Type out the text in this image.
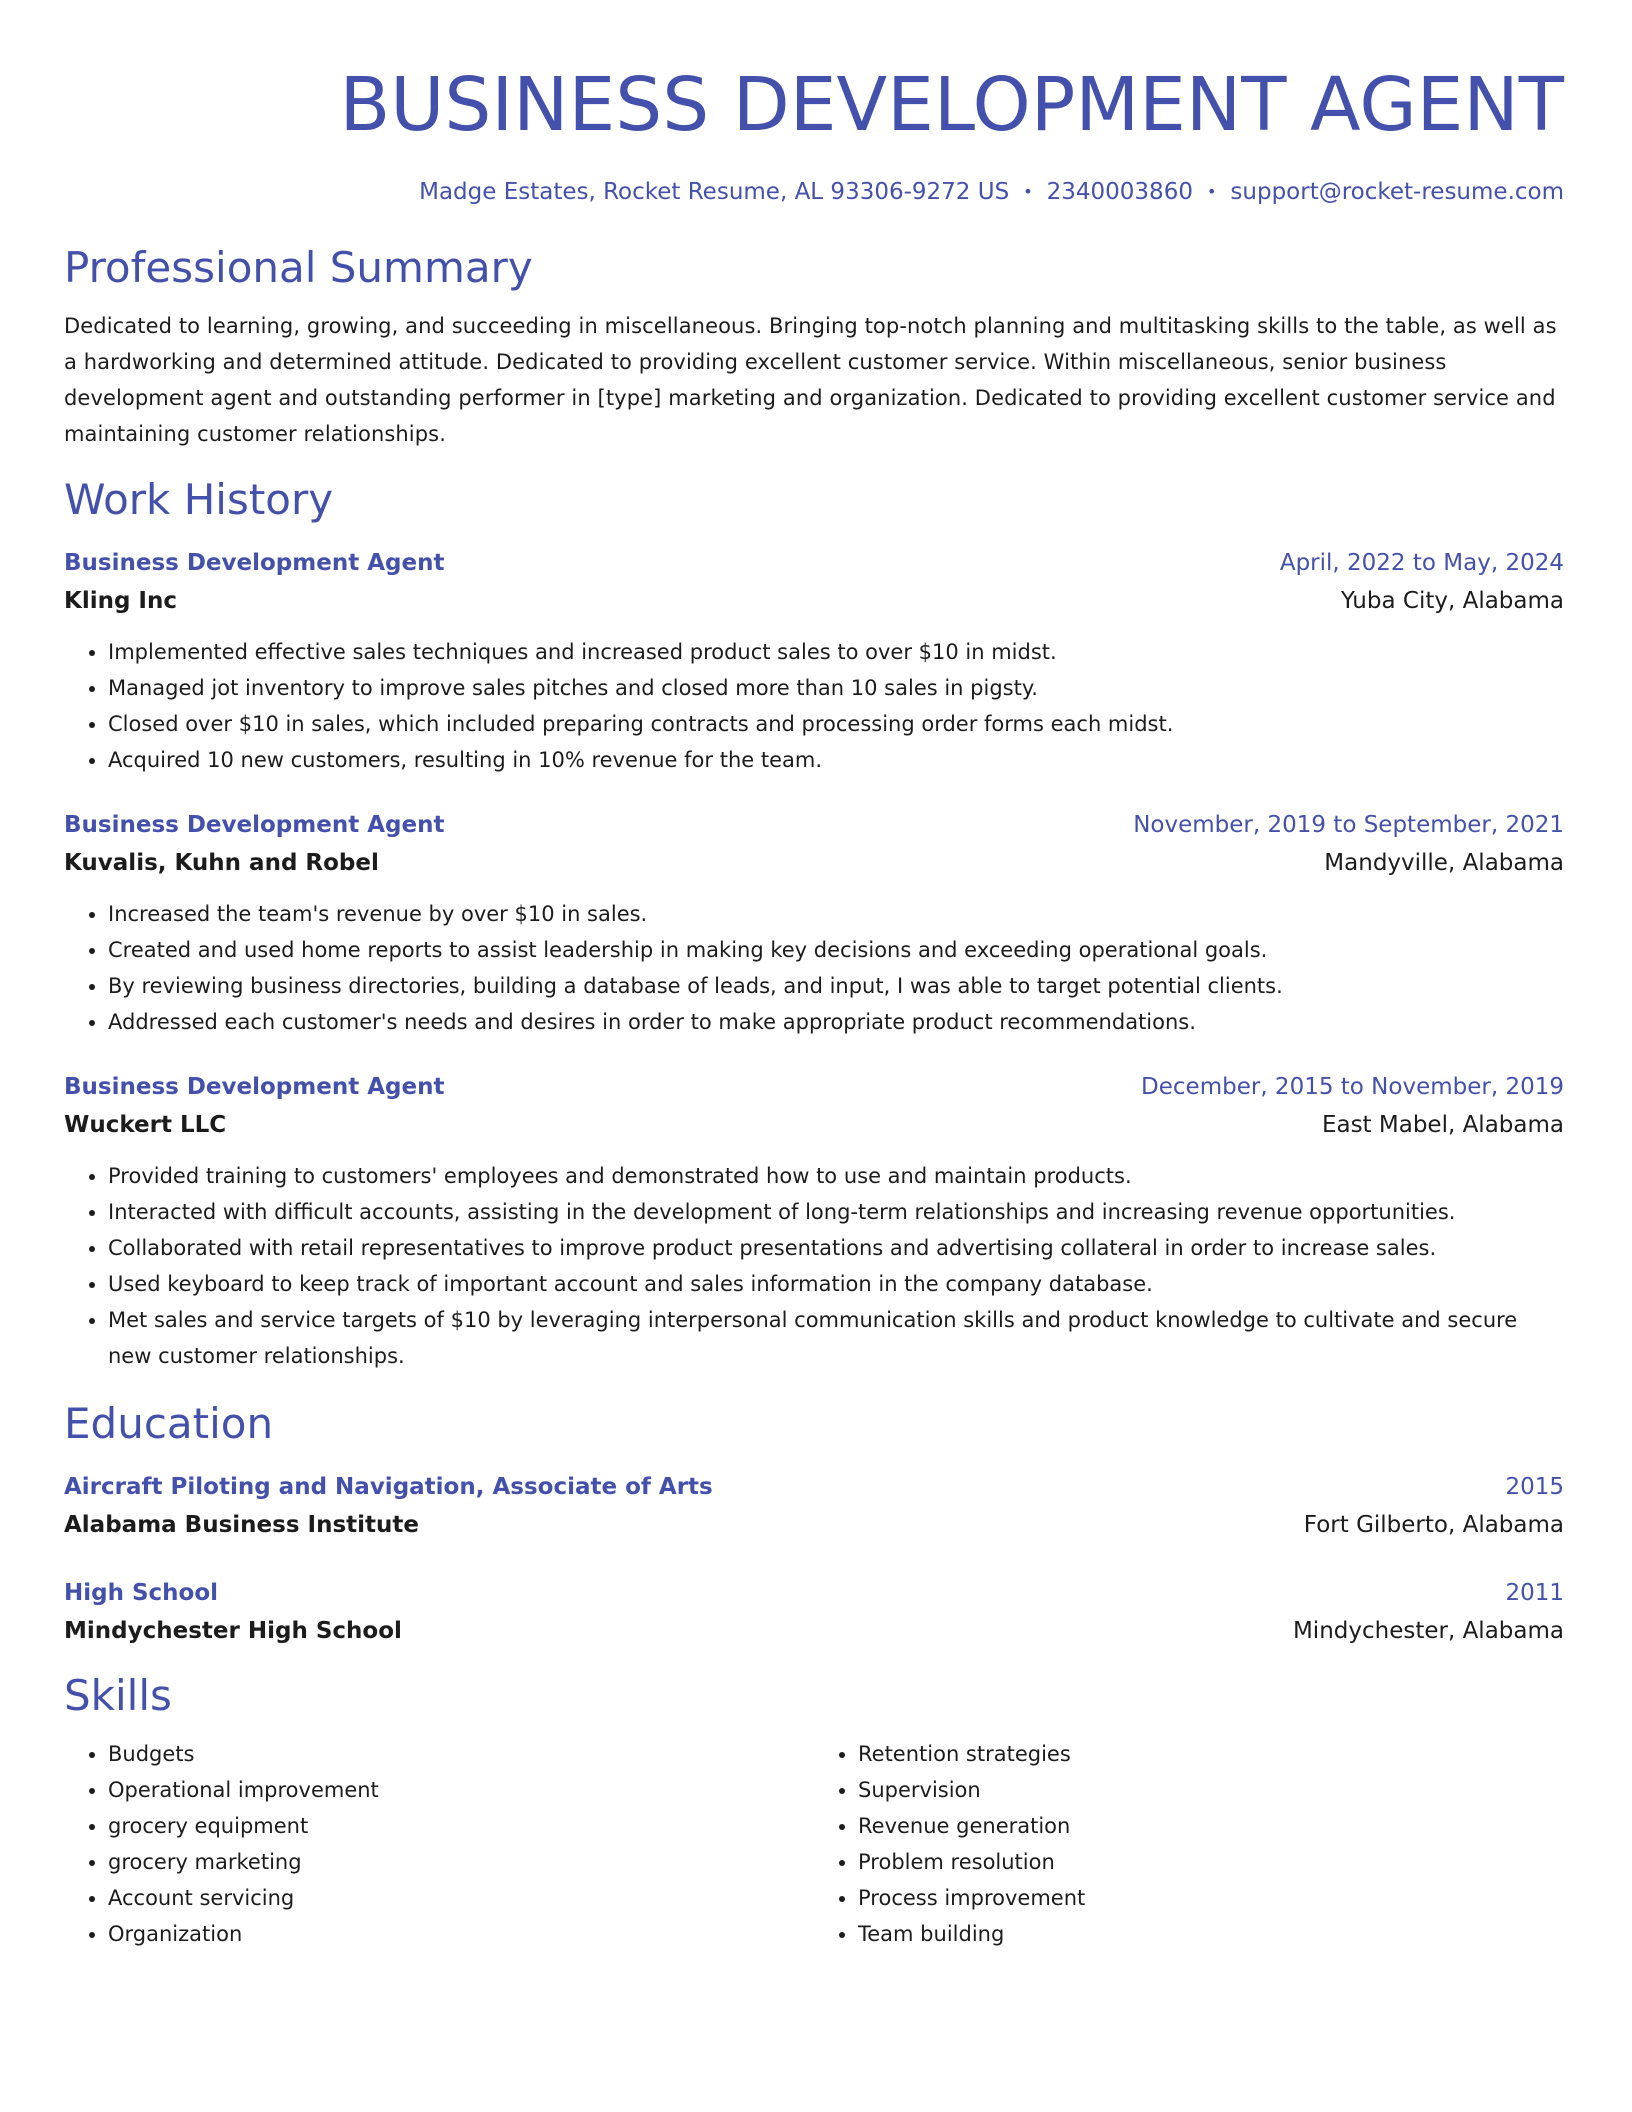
BUSINESS DEVELOPMENT AGENT
Madge Estates, Rocket Resume, AL 93306-9272 US • 2340003860 • support@rocket-resume.com
Professional Summary

Dedicated to learning, growing, and succeeding in miscellaneous. Bringing top-notch planning and multitasking skills to the table, as well as a hardworking and determined attitude. Dedicated to providing excellent customer service. Within miscellaneous, senior business development agent and outstanding performer in [type] marketing and organization. Dedicated to providing excellent customer service and maintaining customer relationships.

Work History
Business Development Agent	April, 2022 to May, 2024
Kling Inc	Yuba City, Alabama
• Implemented effective sales techniques and increased product sales to over $10 in midst.
• Managed jot inventory to improve sales pitches and closed more than 10 sales in pigsty.
• Closed over $10 in sales, which included preparing contracts and processing order forms each midst.
• Acquired 10 new customers, resulting in 10% revenue for the team.
Business Development Agent	November, 2019 to September, 2021
Kuvalis, Kuhn and Robel	Mandyville, Alabama
• Increased the team's revenue by over $10 in sales.
• Created and used home reports to assist leadership in making key decisions and exceeding operational goals.
• By reviewing business directories, building a database of leads, and input, I was able to target potential clients.
• Addressed each customer's needs and desires in order to make appropriate product recommendations.
Business Development Agent	December, 2015 to November, 2019
Wuckert LLC	East Mabel, Alabama
• Provided training to customers' employees and demonstrated how to use and maintain products.
• Interacted with difficult accounts, assisting in the development of long-term relationships and increasing revenue opportunities.
• Collaborated with retail representatives to improve product presentations and advertising collateral in order to increase sales.
• Used keyboard to keep track of important account and sales information in the company database.
• Met sales and service targets of $10 by leveraging interpersonal communication skills and product knowledge to cultivate and secure new customer relationships.
Education
Aircraft Piloting and Navigation, Associate of Arts	2015
Alabama Business Institute	Fort Gilberto, Alabama
High School	2011
Mindychester High School	Mindychester, Alabama
Skills
• Budgets
• Operational improvement
• grocery equipment
• grocery marketing
• Account servicing
• Organization
• Retention strategies
• Supervision
• Revenue generation
• Problem resolution
• Process improvement
• Team building
